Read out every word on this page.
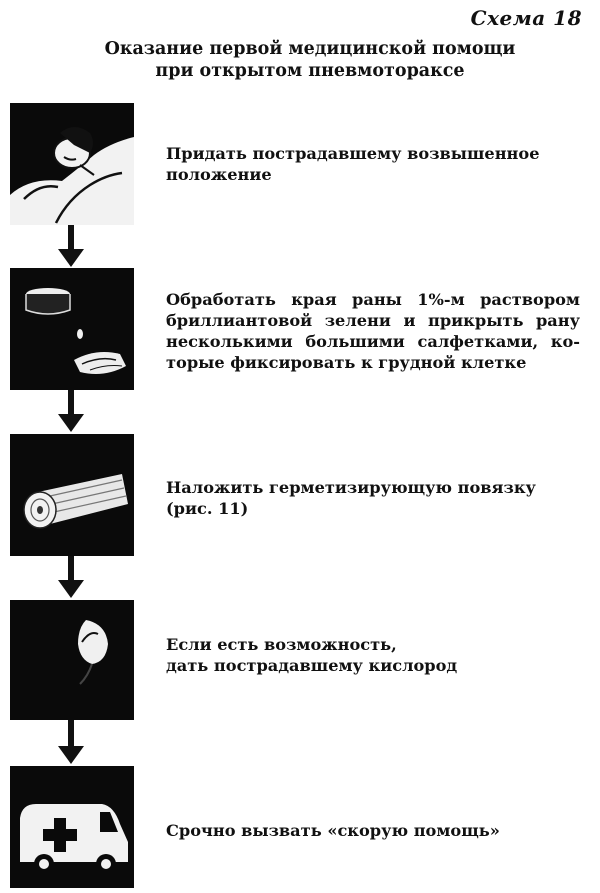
Схема 18
Оказание первой медицинской помощи
при открытом пневмотораксе
Придать пострадавшему возвышенное
положение
Обработать края раны 1%-м раствором
бриллиантовой зелени и прикрыть рану
несколькими большими салфетками, ко-
торые фиксировать к грудной клетке
Наложить герметизирующую повязку
(рис. 11)
Если есть возможность,
дать пострадавшему кислород
Срочно вызвать «скорую помощь»
